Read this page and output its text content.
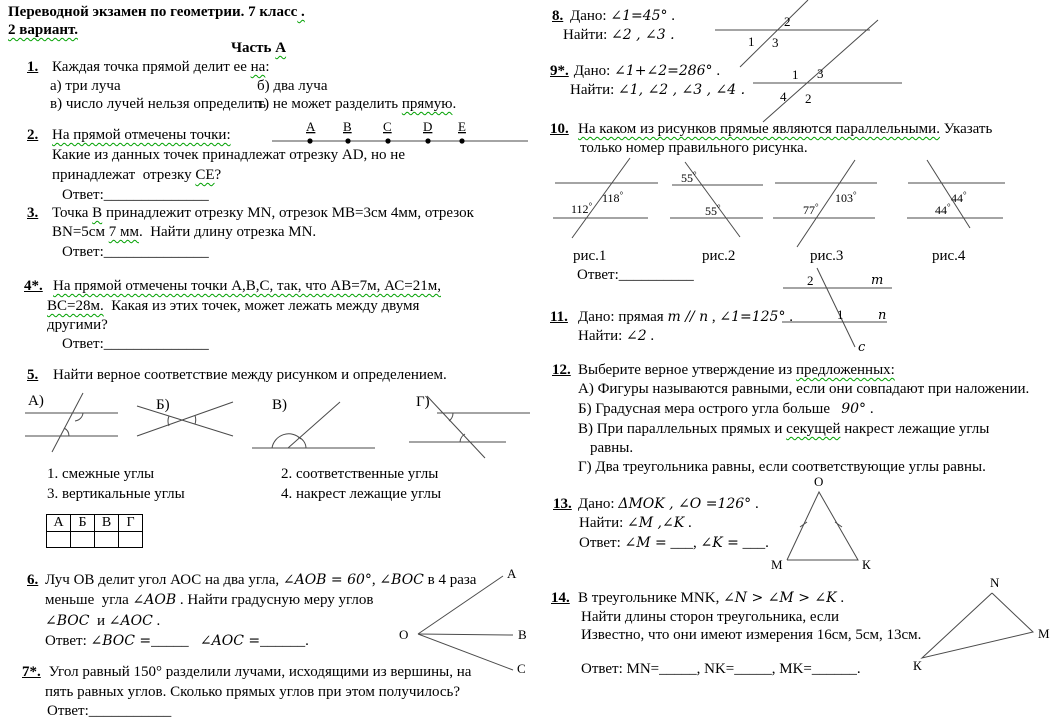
Переводной экзамен по геометрии. 7 класс .
2 вариант.
Часть А
1. Каждая точка прямой делит ее на:
а) три луча	б) два луча
в) число лучей нельзя определить
г) не может разделить прямую.
2. На прямой отмечены точки:
A B C D E
Какие из данных точек принадлежат отрезку AD, но не
принадлежат  отрезку СЕ?
Ответ:______________
3. Точка В принадлежит отрезку MN, отрезок MB=3см 4мм, отрезок
BN=5см 7 мм.  Найти длину отрезка MN.
Ответ:______________
4*. На прямой отмечены точки А,В,С, так, что АВ=7м, АС=21м,
ВС=28м.  Какая из этих точек, может лежать между двумя
другими?
Ответ:______________
5. Найти верное соответствие между рисунком и определением.
А)	Б)	В)	Г)
1. смежные углы	2. соответственные углы
3. вертикальные углы	4. накрест лежащие углы
А	Б	В	Г

6. Луч ОВ делит угол АОС на два угла, ∠AOB = 60°, ∠BOC в 4 раза
меньше  угла ∠AOB . Найти градусную меру углов
∠BOC  и ∠AOC .
Ответ: ∠BOC =_____   ∠AOC =______.	O
А
В
С
7*. Угол равный 150° разделили лучами, исходящими из вершины, на
пять равных углов. Сколько прямых углов при этом получилось?
Ответ:___________
8. Дано: ∠1=45° .
Найти: ∠2 , ∠3 .
2
1 3
9*. Дано: ∠1+∠2=286° .
Найти: ∠1, ∠2 , ∠3 , ∠4 .
1 3
4 2
10. На каком из рисунков прямые являются параллельными. Указать
только номер правильного рисунка.
118°
112°
55°
55°
103°
77°
44°
44°
рис.1	рис.2	рис.3	рис.4
Ответ:__________
11. Дано: прямая m // n , ∠1=125° .
Найти: ∠2 .
2	m
1	n
c
12. Выберите верное утверждение из предложенных:
А) Фигуры называются равными, если они совпадают при наложении.
Б) Градусная мера острого угла больше   90° .
В) При параллельных прямых и секущей накрест лежащие углы
равны.
Г) Два треугольника равны, если соответствующие углы равны.
13. Дано: ΔMOK , ∠O =126° .
Найти: ∠M ,∠K .
Ответ: ∠M = ___, ∠K = ___.
O
М	К
14. В треугольнике MNK, ∠N > ∠M > ∠K .
Найти длины сторон треугольника, если
Известно, что они имеют измерения 16см, 5см, 13см.
Ответ: MN=_____, NK=_____, MK=______.
N
M
К
